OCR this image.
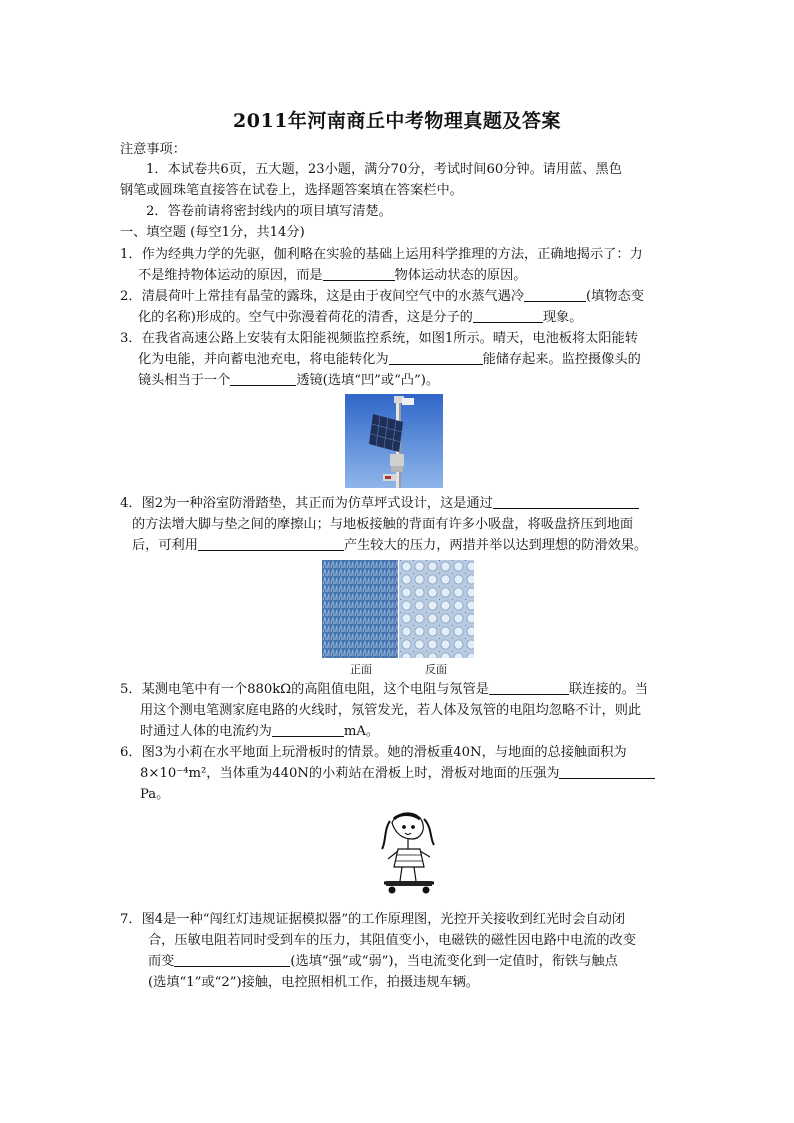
2011年河南商丘中考物理真题及答案
注意事项：
1．本试卷共6页，五大题，23小题，满分70分，考试时间60分钟。请用蓝、黑色
钢笔或圆珠笔直接答在试卷上，选择题答案填在答案栏中。
2．答卷前请将密封线内的项目填写清楚。
一、填空题 (每空1分，共14分)
1．作为经典力学的先驱，伽利略在实验的基础上运用科学推理的方法，正确地揭示了：力
不是维持物体运动的原因，而是	物体运动状态的原因。
2．清晨荷叶上常挂有晶莹的露珠，这是由于夜间空气中的水蒸气遇冷	(填物态变
化的名称)形成的。空气中弥漫着荷花的清香，这是分子的	现象。
3．在我省高速公路上安装有太阳能视频监控系统，如图1所示。晴天，电池板将太阳能转
化为电能，并向蓄电池充电，将电能转化为	能储存起来。监控摄像头的
镜头相当于一个	透镜(选填“凹”或“凸”)。
4．图2为一种浴室防滑踏垫，其正而为仿草坪式设计，这是通过
的方法增大脚与垫之间的摩擦山；与地板接触的背面有许多小吸盘，将吸盘挤压到地面
后，可利用	产生较大的压力，两措并举以达到理想的防滑效果。
正面	反面
5．某测电笔中有一个880kΩ的高阻值电阻，这个电阻与氖管是	联连接的。当
用这个测电笔测家庭电路的火线时，氖管发光，若人体及氖管的电阻均忽略不计，则此
时通过人体的电流约为	mA。
6．图3为小莉在水平地面上玩滑板时的情景。她的滑板重40N，与地面的总接触面积为
8×10⁻⁴m²，当体重为440N的小莉站在滑板上时，滑板对地面的压强为
Pa。
7．图4是一种“闯红灯违规证据模拟器”的工作原理图，光控开关接收到红光时会自动闭
合，压敏电阻若同时受到车的压力，其阻值变小，电磁铁的磁性因电路中电流的改变
而变	(选填“强”或“弱”)，当电流变化到一定值时，衔铁与触点
(选填“1”或“2”)接触，电控照相机工作，拍摄违规车辆。
